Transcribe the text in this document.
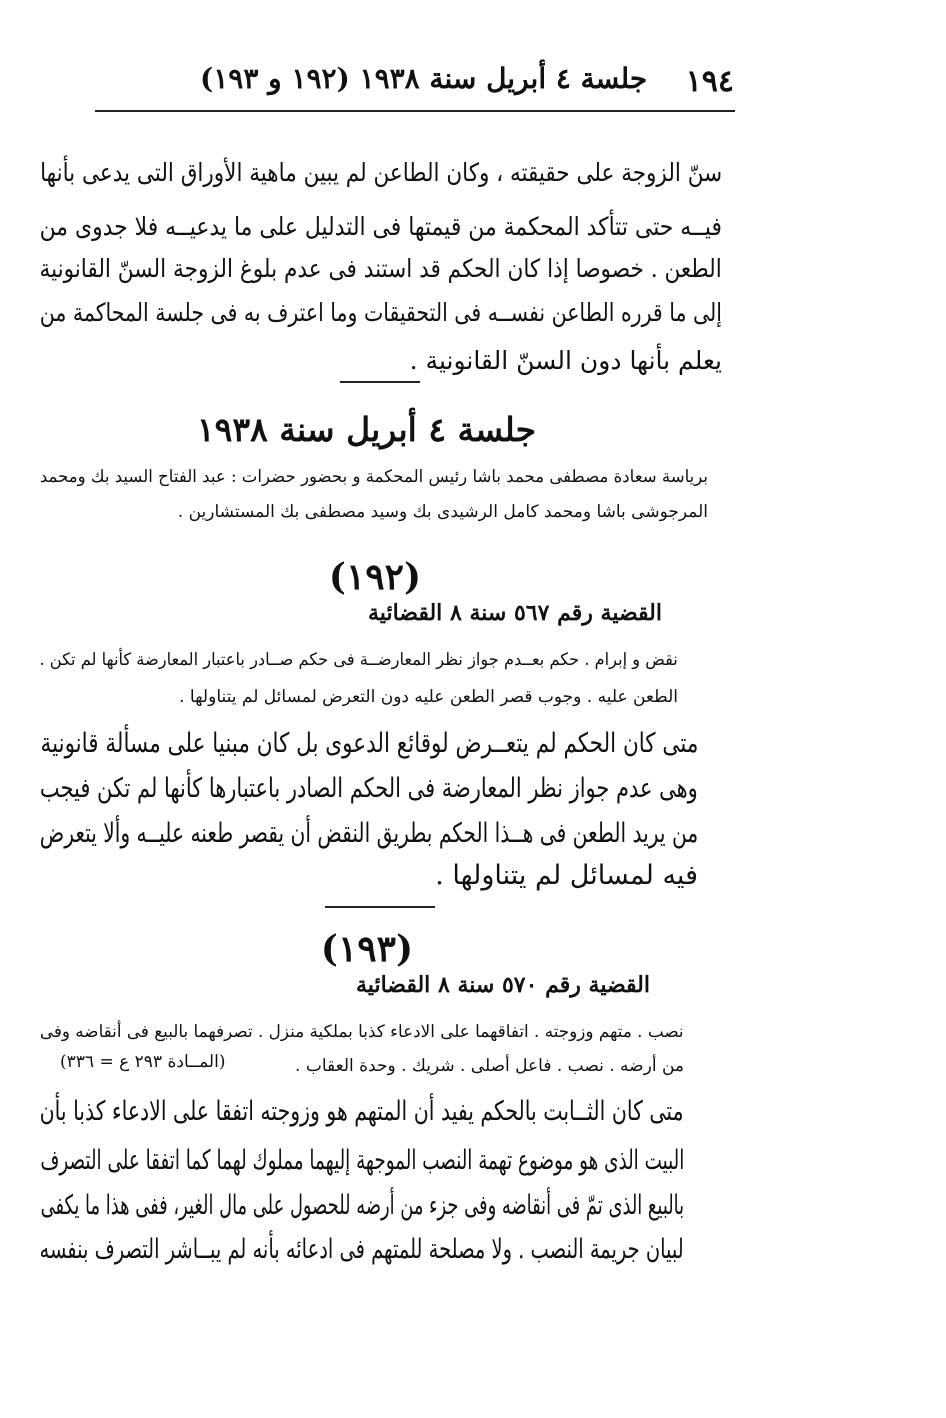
١٩٤
جلسة ٤ أبريل سنة ١٩٣٨ (١٩٢ و ١٩٣)
سنّ الزوجة على حقيقته ، وكان الطاعن لم يبين ماهية الأوراق التى يدعى بأنها
فيــه حتى تتأكد المحكمة من قيمتها فى التدليل على ما يدعيــه فلا جدوى من
الطعن . خصوصا إذا كان الحكم قد استند فى عدم بلوغ الزوجة السنّ القانونية
إلى ما قرره الطاعن نفســه فى التحقيقات وما اعترف به فى جلسة المحاكمة من
يعلم بأنها دون السنّ القانونية .
جلسة ٤ أبريل سنة ١٩٣٨
برياسة سعادة مصطفى محمد باشا رئيس المحكمة و بحضور حضرات : عبد الفتاح السيد بك ومحمد
المرجوشى باشا ومحمد كامل الرشيدى بك وسيد مصطفى بك المستشارين .
(١٩٢)
القضية رقم ٥٦٧ سنة ٨ القضائية
نقض و إبرام . حكم بعــدم جواز نظر المعارضــة فى حكم صــادر باعتبار المعارضة كأنها لم تكن .
الطعن عليه . وجوب قصر الطعن عليه دون التعرض لمسائل لم يتناولها .
متى كان الحكم لم يتعــرض لوقائع الدعوى بل كان مبنيا على مسألة قانونية
وهى عدم جواز نظر المعارضة فى الحكم الصادر باعتبارها كأنها لم تكن فيجب
من يريد الطعن فى هــذا الحكم بطريق النقض أن يقصر طعنه عليــه وألا يتعرض
فيه لمسائل لم يتناولها .
(١٩٣)
القضية رقم ٥٧٠ سنة ٨ القضائية
نصب . متهم وزوجته . اتفاقهما على الادعاء كذبا بملكية منزل . تصرفهما بالبيع فى أنقاضه وفى
من أرضه . نصب . فاعل أصلى . شريك . وحدة العقاب .
(المــادة ٢٩٣ ع = ٣٣٦)
متى كان الثــابت بالحكم يفيد أن المتهم هو وزوجته اتفقا على الادعاء كذبا بأن
البيت الذى هو موضوع تهمة النصب الموجهة إليهما مملوك لهما كما اتفقا على التصرف
بالبيع الذى تمّ فى أنقاضه وفى جزء من أرضه للحصول على مال الغير، ففى هذا ما يكفى
لبيان جريمة النصب . ولا مصلحة للمتهم فى ادعائه بأنه لم يبــاشر التصرف بنفسه
